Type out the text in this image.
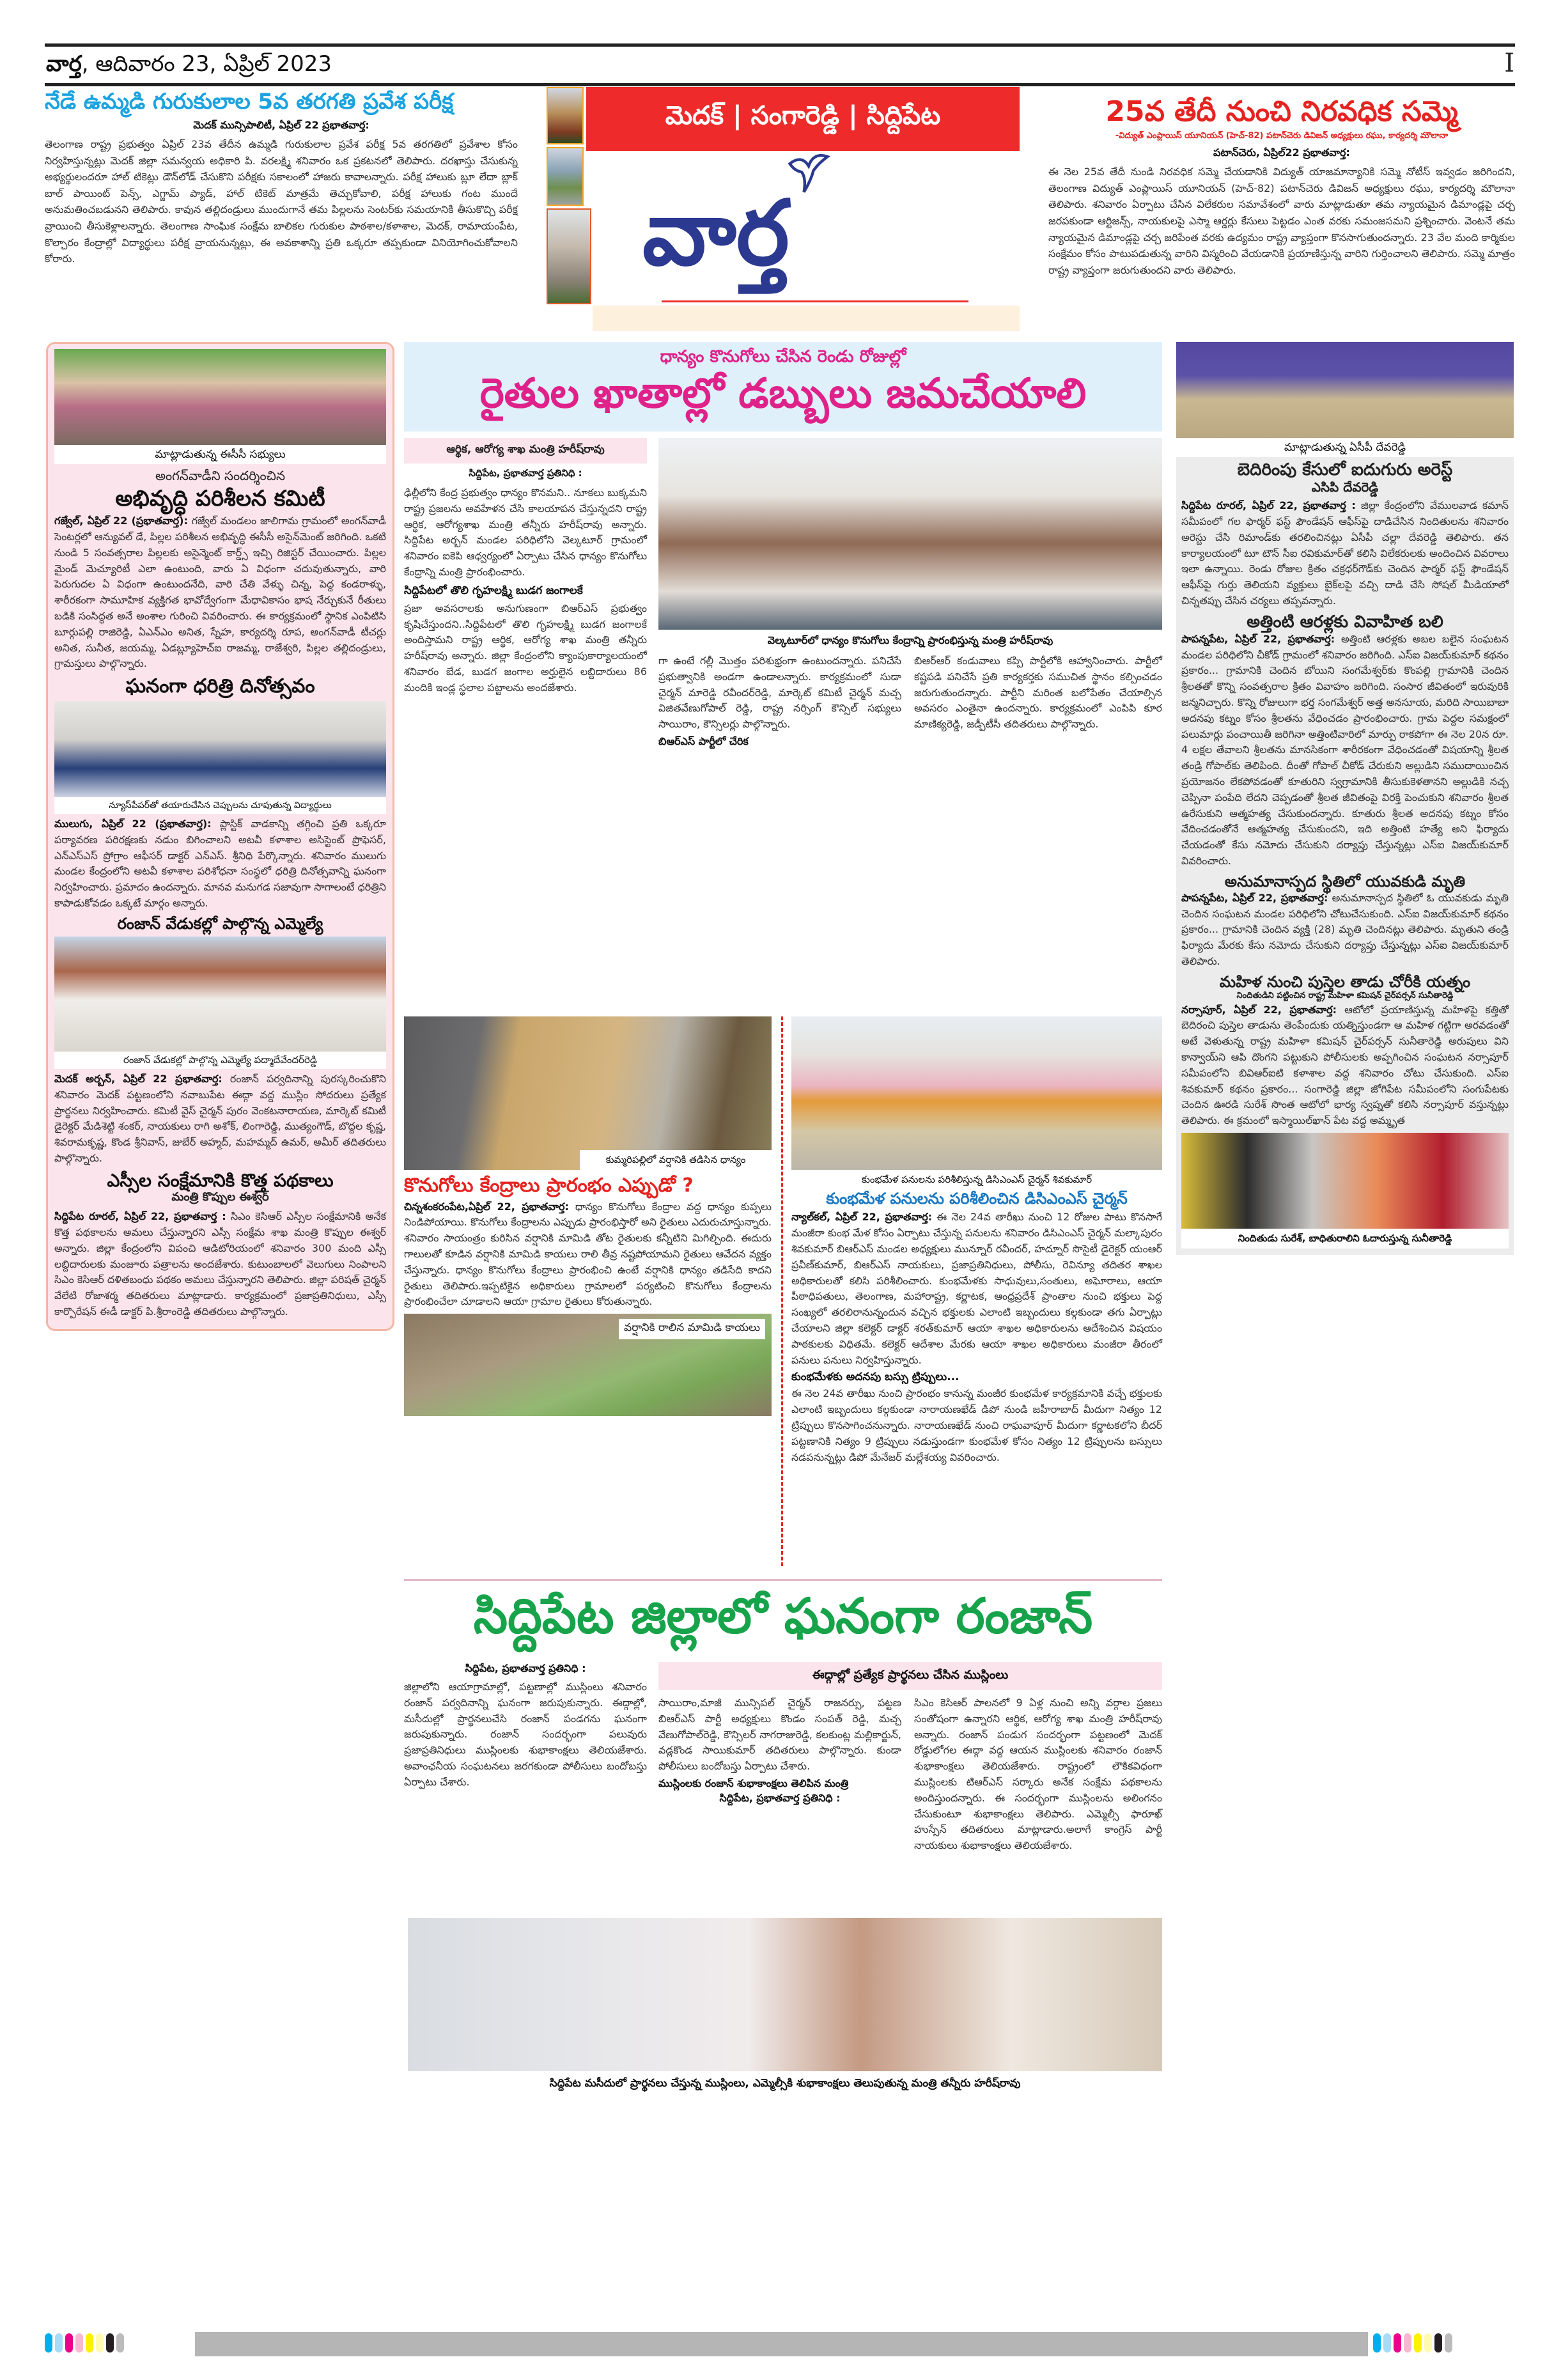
వార్త, ఆదివారం 23, ఏప్రిల్ 2023	I
నేడే ఉమ్మడి గురుకులాల 5వ తరగతి ప్రవేశ పరీక్ష
మెదక్ మున్సిపాలిటీ, ఏప్రిల్ 22 ప్రభాతవార్త:
తెలంగాణ రాష్ట్ర ప్రభుత్వం ఏప్రిల్ 23వ తేదీన ఉమ్మడి గురుకులాల ప్రవేశ పరీక్ష 5వ తరగతిలో ప్రవేశాల కోసం నిర్వహిస్తున్నట్లు మెదక్ జిల్లా సమన్వయ అధికారి పి. వరలక్ష్మి శనివారం ఒక ప్రకటనలో తెలిపారు. దరఖాస్తు చేసుకున్న అభ్యర్థులందరూ హాల్ టికెట్లు డౌన్‌లోడ్ చేసుకొని పరీక్షకు సకాలంలో హాజరు కావాలన్నారు. పరీక్ష హాలుకు బ్లూ లేదా బ్లాక్ బాల్ పాయింట్ పెన్స్, ఎగ్జామ్ ప్యాడ్, హాల్ టికెట్ మాత్రమే తెచ్చుకోవాలి, పరీక్ష హాలుకు గంట ముందే అనుమతించబడునని తెలిపారు. కావున తల్లిదండ్రులు ముందుగానే తమ పిల్లలను సెంటర్‌కు సమయానికి తీసుకొచ్చి పరీక్ష వ్రాయించి తీసుకెళ్లాలన్నారు. తెలంగాణ సాంఘిక సంక్షేమ బాలికల గురుకుల పాఠశాల/కళాశాల, మెదక్, రామాయంపేట, కొల్చారం కేంద్రాల్లో విద్యార్థులు పరీక్ష వ్రాయనున్నట్లు, ఈ అవకాశాన్ని ప్రతి ఒక్కరూ తప్పకుండా వినియోగించుకోవాలని కోరారు.
మెదక్ | సంగారెడ్డి | సిద్దిపేట
వార్త
25వ తేదీ నుంచి నిరవధిక సమ్మె
-విద్యుత్ ఎంప్లాయిస్ యూనియన్ (హెచ్-82) పటాన్‌చెరు డివిజన్ అధ్యక్షులు రఘు, కార్యదర్శి మౌలానా
పటాన్‌చెరు, ఏప్రిల్22 ప్రభాతవార్త:
ఈ నెల 25వ తేదీ నుండి నిరవధిక సమ్మె చేయడానికి విద్యుత్ యాజమాన్యానికి సమ్మె నోటీస్ ఇవ్వడం జరిగిందని, తెలంగాణ విద్యుత్ ఎంప్లాయిస్ యూనియన్ (హెచ్-82) పటాన్‌చెరు డివిజన్ అధ్యక్షులు రఘు, కార్యదర్శి మౌలానా తెలిపారు. శనివారం ఏర్పాటు చేసిన విలేకరుల సమావేశంలో వారు మాట్లాడుతూ తమ న్యాయమైన డిమాండ్లపై చర్చ జరపకుండా ఆర్టిజన్స్, నాయకులపై ఎస్మా ఆర్డర్లు కేసులు పెట్టడం ఎంత వరకు సమంజసమని ప్రశ్నించారు. వెంటనే తమ న్యాయమైన డిమాండ్లపై చర్చ జరిపేంత వరకు ఉద్యమం రాష్ట్ర వ్యాప్తంగా కొనసాగుతుందన్నారు. 23 వేల మంది కార్మికుల సంక్షేమం కోసం పాటుపడుతున్న వారిని విస్మరించి వేయడానికి ప్రయాణిస్తున్న వారిని గుర్తించాలని తెలిపారు. సమ్మె మాత్రం రాష్ట్ర వ్యాప్తంగా జరుగుతుందని వారు తెలిపారు.
మాట్లాడుతున్న ఈసీసీ సభ్యులు
అంగన్‌వాడీని సందర్శించిన
అభివృద్ధి పరిశీలన కమిటీ
గజ్వేల్, ఏప్రిల్ 22 (ప్రభాతవార్త): గజ్వేల్ మండలం జాలిగామ గ్రామంలో అంగన్‌వాడీ సెంటర్లలో ఆన్యువల్ డే, పిల్లల పరిశీలన అభివృద్ధి ఈసీసీ అసైన్‌మెంట్ జరిగింది. ఒకటి నుండి 5 సంవత్సరాల పిల్లలకు అసైన్మెంట్ కార్డ్స్ ఇచ్చి రిజిస్టర్ చేయించారు. పిల్లల మైండ్ మెచ్యూరిటీ ఎలా ఉంటుంది, వారు ఏ విధంగా చదువుతున్నారు, వారి పెరుగుదల ఏ విధంగా ఉంటుందనేది, వారి చేతి వేళ్ళు చిన్న, పెద్ద కండరాళ్ళు, శారీరకంగా సామూహిక వ్యక్తిగత భావోద్వేగంగా మేధావికాసం భాష నేర్చుకునే రీతులు బడికి సంసిద్ధత అనే అంశాల గురించి వివరించారు. ఈ కార్యక్రమంలో స్థానిక ఎంపిటిసి బూర్గుపల్లి రాజిరెడ్డి, ఏఎన్ఎం అనిత, స్నేహ, కార్యదర్శి రూప, అంగన్‌వాడీ టీచర్లు అనిత, సునీత, జయమ్మ, ఏడబ్ల్యూహెచ్ఐ రాజమ్మ, రాజేశ్వరి, పిల్లల తల్లిదండ్రులు, గ్రామస్తులు పాల్గొన్నారు.
ఘనంగా ధరిత్రి దినోత్సవం
న్యూస్‌పేపర్‌తో తయారుచేసిన చెప్పులను చూపుతున్న విద్యార్థులు
ములుగు, ఏప్రిల్ 22 (ప్రభాతవార్త): ప్లాస్టిక్ వాడకాన్ని తగ్గించి ప్రతి ఒక్కరూ పర్యావరణ పరిరక్షణకు నడుం బిగించాలని అటవీ కళాశాల అసిస్టెంట్ ప్రొఫెసర్, ఎన్ఎస్ఎస్ ప్రోగ్రాం ఆఫీసర్ డాక్టర్ ఎన్ఎస్. శ్రీనిధి పేర్కొన్నారు. శనివారం ములుగు మండల కేంద్రంలోని అటవీ కళాశాల పరిశోధనా సంస్థలో ధరిత్రి దినోత్సవాన్ని ఘనంగా నిర్వహించారు. ప్రమాదం ఉందన్నారు. మానవ మనుగడ సజావుగా సాగాలంటే ధరిత్రిని కాపాడుకోవడం ఒక్కటే మార్గం అన్నారు.
రంజాన్ వేడుకల్లో పాల్గొన్న ఎమ్మెల్యే
రంజాన్ వేడుకల్లో పాల్గొన్న ఎమ్మెల్యే పద్మాదేవేందర్‌రెడ్డి
మెదక్ అర్బన్, ఏప్రిల్ 22 ప్రభాతవార్త: రంజాన్ పర్వదినాన్ని పురస్కరించుకొని శనివారం మెదక్ పట్టణంలోని నవాబుపేట ఈద్గా వద్ద ముస్లిం సోదరులు ప్రత్యేక ప్రార్థనలు నిర్వహించారు. కమిటీ వైస్ చైర్మన్ పురం వెంకటనారాయణ, మార్కెట్ కమిటీ డైరెక్టర్ మేడిశెట్టి శంకర్, నాయకులు రాగి అశోక్, లింగారెడ్డి, ముత్యంగౌడ్, బొద్దల కృష్ణ, శివరామకృష్ణ, కొండ శ్రీనివాస్, జుబేర్ అహ్మద్, మహమ్మద్ ఉమర్, అమీర్ తదితరులు పాల్గొన్నారు.
ఎస్సీల సంక్షేమానికి కొత్త పథకాలు
మంత్రి కొప్పుల ఈశ్వర్
సిద్దిపేట రూరల్, ఏప్రిల్ 22, ప్రభాతవార్త : సిఎం కెసిఆర్ ఎస్సీల సంక్షేమానికి అనేక కొత్త పథకాలను అమలు చేస్తున్నారని ఎస్సీ సంక్షేమ శాఖ మంత్రి కొప్పుల ఈశ్వర్ అన్నారు. జిల్లా కేంద్రంలోని విపంచి ఆడిటోరియంలో శనివారం 300 మంది ఎస్సీ లబ్దిదారులకు మంజూరు పత్రాలను అందజేశారు. కుటుంబాలలో వెలుగులు నింపాలని సిఎం కెసిఆర్ దళితబంధు పథకం అమలు చేస్తున్నారని తెలిపారు. జిల్లా పరిషత్ చైర్మన్ వేలేటి రోజాశర్మ తదితరులు మాట్లాడారు. కార్యక్రమంలో ప్రజాప్రతినిధులు, ఎస్సీ కార్పొరేషన్ ఈడీ డాక్టర్ పి.శ్రీరాంరెడ్డి తదితరులు పాల్గొన్నారు.
ధాన్యం కొనుగోలు చేసిన రెండు రోజుల్లో
రైతుల ఖాతాల్లో డబ్బులు జమచేయాలి
ఆర్థిక, ఆరోగ్య శాఖ మంత్రి హరీష్‌రావు
సిద్దిపేట, ప్రభాతవార్త ప్రతినిధి :
ఢిల్లీలోని కేంద్ర ప్రభుత్వం ధాన్యం కొనమని.. నూకలు బుక్కమని రాష్ట్ర ప్రజలను అవహేళన చేసి కాలయాపన చేస్తున్నదని రాష్ట్ర ఆర్థిక, ఆరోగ్యశాఖ మంత్రి తన్నీరు హరీష్‌రావు అన్నారు. సిద్దిపేట అర్బన్ మండల పరిధిలోని వెల్కటూర్ గ్రామంలో శనివారం ఐకెపి ఆధ్వర్యంలో ఏర్పాటు చేసిన ధాన్యం కొనుగోలు కేంద్రాన్ని మంత్రి ప్రారంభించారు.
సిద్దిపేటలో తొలి గృహలక్ష్మి బుడగ జంగాలకే
ప్రజా అవసరాలకు అనుగుణంగా బిఆర్ఎస్ ప్రభుత్వం కృషిచేస్తుందని..సిద్దిపేటలో తొలి గృహలక్ష్మి బుడగ జంగాలకే అందిస్తామని రాష్ట్ర ఆర్థిక, ఆరోగ్య శాఖ మంత్రి తన్నీరు హరీష్‌రావు అన్నారు. జిల్లా కేంద్రంలోని క్యాంపుకార్యాలయంలో శనివారం బేడ, బుడగ జంగాల అర్హులైన లబ్దిదారులు 86 మందికి ఇండ్ల స్థలాల పట్టాలను అందజేశారు.
వెల్కటూర్‌లో ధాన్యం కొనుగోలు కేంద్రాన్ని ప్రారంభిస్తున్న మంత్రి హరీష్‌రావు
గా ఉంటే గల్లీ మొత్తం పరిశుభ్రంగా ఉంటుందన్నారు. పనిచేసే ప్రభుత్వానికి అండగా ఉండాలన్నారు. కార్యక్రమంలో సుడా చైర్మన్ మారెడ్డి రవీందర్‌రెడ్డి, మార్కెట్ కమిటీ చైర్మన్ మచ్చ విజితవేణుగోపాల్ రెడ్డి, రాష్ట్ర నర్సింగ్ కౌన్సిల్ సభ్యులు సాయిరాం, కౌన్సిలర్లు పాల్గొన్నారు.
బిఆర్ఎస్ పార్టీలో చేరిక
బిఆర్ఆర్ కండువాలు కప్పి పార్టీలోకి ఆహ్వానించారు. పార్టీలో కష్టపడి పనిచేసే ప్రతి కార్యకర్తకు సముచిత స్థానం కల్పించడం జరుగుతుందన్నారు. పార్టీని మరింత బలోపేతం చేయాల్సిన అవసరం ఎంతైనా ఉందన్నారు. కార్యక్రమంలో ఎంపిపి కూర మాణిక్యరెడ్డి, జడ్పీటీసీ తదితరులు పాల్గొన్నారు.
కుమ్మరిపల్లిలో వర్షానికి తడిసిన ధాన్యం
కొనుగోలు కేంద్రాలు ప్రారంభం ఎప్పుడో ?
చిన్నశంకరంపేట,ఏప్రిల్ 22, ప్రభాతవార్త: ధాన్యం కొనుగోలు కేంద్రాల వద్ద ధాన్యం కుప్పలు నిండిపోయాయి. కొనుగోలు కేంద్రాలను ఎప్పుడు ప్రారంభిస్తారో అని రైతులు ఎదురుచూస్తున్నారు. శనివారం సాయంత్రం కురిసిన వర్షానికి మామిడి తోట రైతులకు కన్నీటిని మిగిల్చింది. ఈదురు గాలులతో కూడిన వర్షానికి మామిడి కాయలు రాలి తీవ్ర నష్టపోయామని రైతులు ఆవేదన వ్యక్తం చేస్తున్నారు. ధాన్యం కొనుగోలు కేంద్రాలు ప్రారంభించి ఉంటే వర్షానికి ధాన్యం తడిసేది కాదని రైతులు తెలిపారు.ఇప్పటికైన అధికారులు గ్రామాలలో పర్యటించి కొనుగోలు కేంద్రాలను ప్రారంభించేలా చూడాలని ఆయా గ్రామాల రైతులు కోరుతున్నారు.
వర్షానికి రాలిన మామిడి కాయలు
కుంభమేళ పనులను పరిశీలిస్తున్న డిసిఎంఎస్ చైర్మన్ శివకుమార్
కుంభమేళ పనులను పరిశీలించిన డిసిఎంఎస్ చైర్మన్
న్యాల్‌కల్, ఏప్రిల్ 22, ప్రభాతవార్త: ఈ నెల 24వ తారీఖు నుంచి 12 రోజుల పాటు కొనసాగే మంజీరా కుంభ మేళ కోసం ఏర్పాటు చేస్తున్న పనులను శనివారం డిసిఎంఎస్ చైర్మన్ మల్కాపురం శివకుమార్ బిఆర్ఎస్ మండల అధ్యక్షులు మున్నూర్ రవీందర్, హద్నూర్ సొసైటీ డైరెక్టర్ యంఆర్ ప్రవీణ్‌కుమార్, బిఆర్ఎస్ నాయకులు, ప్రజాప్రతినిధులు, పోలీసు, రెవిన్యూ తదితర శాఖల అధికారులతో కలిసి పరిశీలించారు. కుంభమేళకు సాధువులు,సంతులు, అఘోరాలు, ఆయా పీఠాధిపతులు, తెలంగాణ, మహారాష్ట్ర, కర్ణాటక, ఆంధ్రప్రదేశ్ ప్రాంతాల నుంచి భక్తులు పెద్ద సంఖ్యలో తరలిరానున్నందున వచ్చిన భక్తులకు ఎలాంటి ఇబ్బందులు కల్గకుండా తగు ఏర్పాట్లు చేయాలని జిల్లా కలెక్టర్ డాక్టర్ శరత్‌కుమార్ ఆయా శాఖల అధికారులను ఆదేశించిన విషయం పాఠకులకు విధితమే. కలెక్టర్ ఆదేశాల మేరకు ఆయా శాఖల అధికారులు మంజీరా తీరంలో పనులు పనులు నిర్వహిస్తున్నారు.
కుంభమేళకు అదనపు బస్సు ట్రిప్పులు...
ఈ నెల 24వ తారీఖు నుంచి ప్రారంభం కానున్న మంజీర కుంభమేళ కార్యక్రమానికి వచ్చే భక్తులకు ఎలాంటి ఇబ్బందులు కల్గకుండా నారాయణఖేడ్ డిపో నుండి జహీరాబాద్ మీదుగా నిత్యం 12 ట్రిప్పులు కొనసాగించనున్నారు. నారాయణఖేడ్ నుంచి రాఘవాపూర్ మీదుగా కర్ణాటకలోని బీదర్ పట్టణానికి నిత్యం 9 ట్రిప్పులు నడుస్తుండగా కుంభమేళ కోసం నిత్యం 12 ట్రిప్పులను బస్సులు నడపనున్నట్లు డిపో మేనేజర్ మల్లేశయ్య వివరించారు.
సిద్దిపేట జిల్లాలో ఘనంగా రంజాన్
సిద్దిపేట, ప్రభాతవార్త ప్రతినిధి :
జిల్లాలోని ఆయాగ్రామాల్లో, పట్టణాల్లో ముస్లింలు శనివారం రంజాన్ పర్వదినాన్ని ఘనంగా జరుపుకున్నారు. ఈద్గాల్లో, మసీదుల్లో ప్రార్థనలుచేసి రంజాన్ పండగను ఘనంగా జరుపుకున్నారు. రంజాన్ సందర్భంగా పలువురు ప్రజాప్రతినిధులు ముస్లింలకు శుభాకాంక్షలు తెలియజేశారు. అవాంఛనీయ సంఘటనలు జరగకుండా పోలీసులు బందోబస్తు ఏర్పాటు చేశారు.
ఈద్గాల్లో ప్రత్యేక ప్రార్థనలు చేసిన ముస్లింలు
సాయిరాం,మాజీ మున్సిపల్ చైర్మన్ రాజనర్సు, పట్టణ బిఆర్ఎస్ పార్టీ అధ్యక్షులు కొండం సంపత్ రెడ్డి, మచ్చ వేణుగోపాల్‌రెడ్డి, కౌన్సిలర్ నాగరాజురెడ్డి, కలకుంట్ల మల్లికార్జున్, వడ్లకొండ సాయికుమార్ తదితరులు పాల్గొన్నారు. కుండా పోలీసులు బందోబస్తు ఏర్పాటు చేశారు.
ముస్లింలకు రంజాన్ శుభాకాంక్షలు తెలిపిన మంత్రి
సిద్దిపేట, ప్రభాతవార్త ప్రతినిధి :
సిఎం కెసిఆర్ పాలనలో 9 ఏళ్ల నుంచి అన్ని వర్గాల ప్రజలు సంతోషంగా ఉన్నారని ఆర్థిక, ఆరోగ్య శాఖ మంత్రి హరీష్‌రావు అన్నారు. రంజాన్ పండుగ సందర్భంగా పట్టణంలో మెదక్ రోడ్డులోగల ఈద్గా వద్ద ఆయన ముస్లింలకు శనివారం రంజాన్ శుభాకాంక్షలు తెలియజేశారు. రాష్ట్రంలో లౌకికవిధంగా ముస్లింలకు టిఆర్ఎస్ సర్కారు అనేక సంక్షేమ పథకాలను అందిస్తుందన్నారు. ఈ సందర్భంగా ముస్లింలను అలింగనం చేసుకుంటూ శుభాకాంక్షలు తెలిపారు. ఎమ్మెల్సీ ఫారూఖ్ హుస్సేన్ తదితరులు మాట్లాడారు.అలాగే కాంగ్రెస్ పార్టీ నాయకులు శుభాకాంక్షలు తెలియజేశారు.
సిద్దిపేట మసీదులో ప్రార్థనలు చేస్తున్న ముస్లింలు, ఎమ్మెల్సీకి శుభాకాంక్షలు తెలుపుతున్న మంత్రి తన్నీరు హరీష్‌రావు
మాట్లాడుతున్న ఏసీపీ దేవరెడ్డి
బెదిరింపు కేసులో ఐదుగురు అరెస్ట్
ఎసిపి దేవరెడ్డి
సిద్దిపేట రూరల్, ఏప్రిల్ 22, ప్రభాతవార్త : జిల్లా కేంద్రంలోని వేములవాడ కమాన్ సమీపంలో గల ఫార్మర్ ఫస్ట్ ఫౌండేషన్ ఆఫీస్‌పై దాడిచేసిన నిందితులను శనివారం అరెస్టు చేసి రిమాండ్‌కు తరలించినట్లు ఏసీపీ చల్లా దేవరెడ్డి తెలిపారు. తన కార్యాలయంలో టూ టౌన్ సీఐ రవికుమార్‌తో కలిసి విలేకరులకు అందించిన వివరాలు ఇలా ఉన్నాయి. రెండు రోజుల క్రితం చక్రధర్‌గౌడ్‌కు చెందిన ఫార్మర్ ఫస్ట్ ఫౌండేషన్ ఆఫీస్‌పై గుర్తు తెలియని వ్యక్తులు బైక్‌లపై వచ్చి దాడి చేసి సోషల్ మీడియాలో చిన్నతప్పు చేసిన చర్యలు తప్పవన్నారు.
అత్తింటి ఆరళ్లకు వివాహిత బలి
పాపన్నపేట, ఏప్రిల్ 22, ప్రభాతవార్త: అత్తింటి ఆరళ్లకు అబల బలైన సంఘటన మండల పరిధిలోని చీకోడ్ గ్రామంలో శనివారం జరిగింది. ఎస్ఐ విజయ్‌కుమార్ కథనం ప్రకారం... గ్రామానికి చెందిన బోయిని సంగమేశ్వర్‌కు కొంపల్లి గ్రామానికి చెందిన శ్రీలతతో కొన్ని సంవత్సరాల క్రితం వివాహం జరిగింది. సంసార జీవితంలో ఇరువురికి జన్మనిచ్చారు. కొన్ని రోజులుగా భర్త సంగమేశ్వర్ అత్త అనసూయ, మరిది సాయిబాబా అదనపు కట్నం కోసం శ్రీలతను వేధించడం ప్రారంభించారు. గ్రామ పెద్దల సమక్షంలో పలుమార్లు పంచాయితీ జరిగినా అత్తింటివారిలో మార్పు రాకపోగా ఈ నెల 20న రూ. 4 లక్షల తేవాలని శ్రీలతను మానసికంగా శారీరకంగా వేధించడంతో విషయాన్ని శ్రీలత తండ్రి గోపాల్‌కు తెలిపింది. దీంతో గోపాల్ చీకోడ్ చేరుకుని అల్లుడిని సముదాయించిన ప్రయోజనం లేకపోవడంతో కూతురిని స్వగ్రామానికి తీసుకుకెళతానని అల్లుడికి నచ్చ చెప్పినా పంపేది లేదని చెప్పడంతో శ్రీలత జీవితంపై విరక్తి పెంచుకుని శనివారం శ్రీలత ఉరేసుకుని ఆత్మహత్య చేసుకుందన్నారు. కూతురు శ్రీలత అదనపు కట్నం కోసం వేదించడంతోనే ఆత్మహత్య చేసుకుందని, ఇది అత్తింటి హత్యే అని ఫిర్యాదు చేయడంతో కేసు నమోదు చేసుకుని దర్యాప్తు చేస్తున్నట్లు ఎస్ఐ విజయ్‌కుమార్ వివరించారు.
అనుమానాస్పద స్థితిలో యువకుడి మృతి
పాపన్నపేట, ఏప్రిల్ 22, ప్రభాతవార్త: అనుమానాస్పద స్థితిలో ఓ యువకుడు మృతి చెందిన సంఘటన మండల పరిధిలోని చోటుచేసుకుంది. ఎస్ఐ విజయ్‌కుమార్ కథనం ప్రకారం... గ్రామానికి చెందిన వ్యక్తి (28) మృతి చెందినట్లు తెలిపారు. మృతుని తండ్రి ఫిర్యాదు మేరకు కేసు నమోదు చేసుకుని దర్యాప్తు చేస్తున్నట్లు ఎస్ఐ విజయ్‌కుమార్ తెలిపారు.
మహిళ నుంచి పుస్తెల తాడు చోరీకి యత్నం
నిందితుడిని పట్టించిన రాష్ట్ర మహిళా కమిషన్ చైర్‌పర్సన్ సునీతారెడ్డి
నర్సాపూర్, ఏప్రిల్ 22, ప్రభాతవార్త: ఆటోలో ప్రయాణిస్తున్న మహిళపై కత్తితో బెదిరంచి పుస్తెల తాడును తెంపేందుకు యత్నిస్తుండగా ఆ మహిళ గట్టిగా అరవడంతో అటే వెళుతున్న రాష్ట్ర మహిళా కమిషన్ చైర్‌పర్సన్ సునీతారెడ్డి అరుపులు విని కాన్వాయ్‌ని ఆపి దొంగని పట్టుకుని పోలీసులకు అప్పగించిన సంఘటన నర్సాపూర్ సమీపంలోని బివిఆర్‌ఐటి కళాశాల వద్ద శనివారం చోటు చేసుకుంది. ఎస్ఐ శివకుమార్ కథనం ప్రకారం... సంగారెడ్డి జిల్లా జోగిపేట సమీపంలోని సంగుపేటకు చెందిన ఊరడి సురేశ్ సొంత ఆటోలో భార్య స్వప్నతో కలిసి నర్సాపూర్ వస్తున్నట్లు తెలిపారు. ఈ క్రమంలో ఇస్మాయిల్‌ఖాన్ పేట వద్ద అమ్మృత
నిందితుడు సురేశ్, బాధితురాలిని ఓదారుస్తున్న సునీతారెడ్డి
